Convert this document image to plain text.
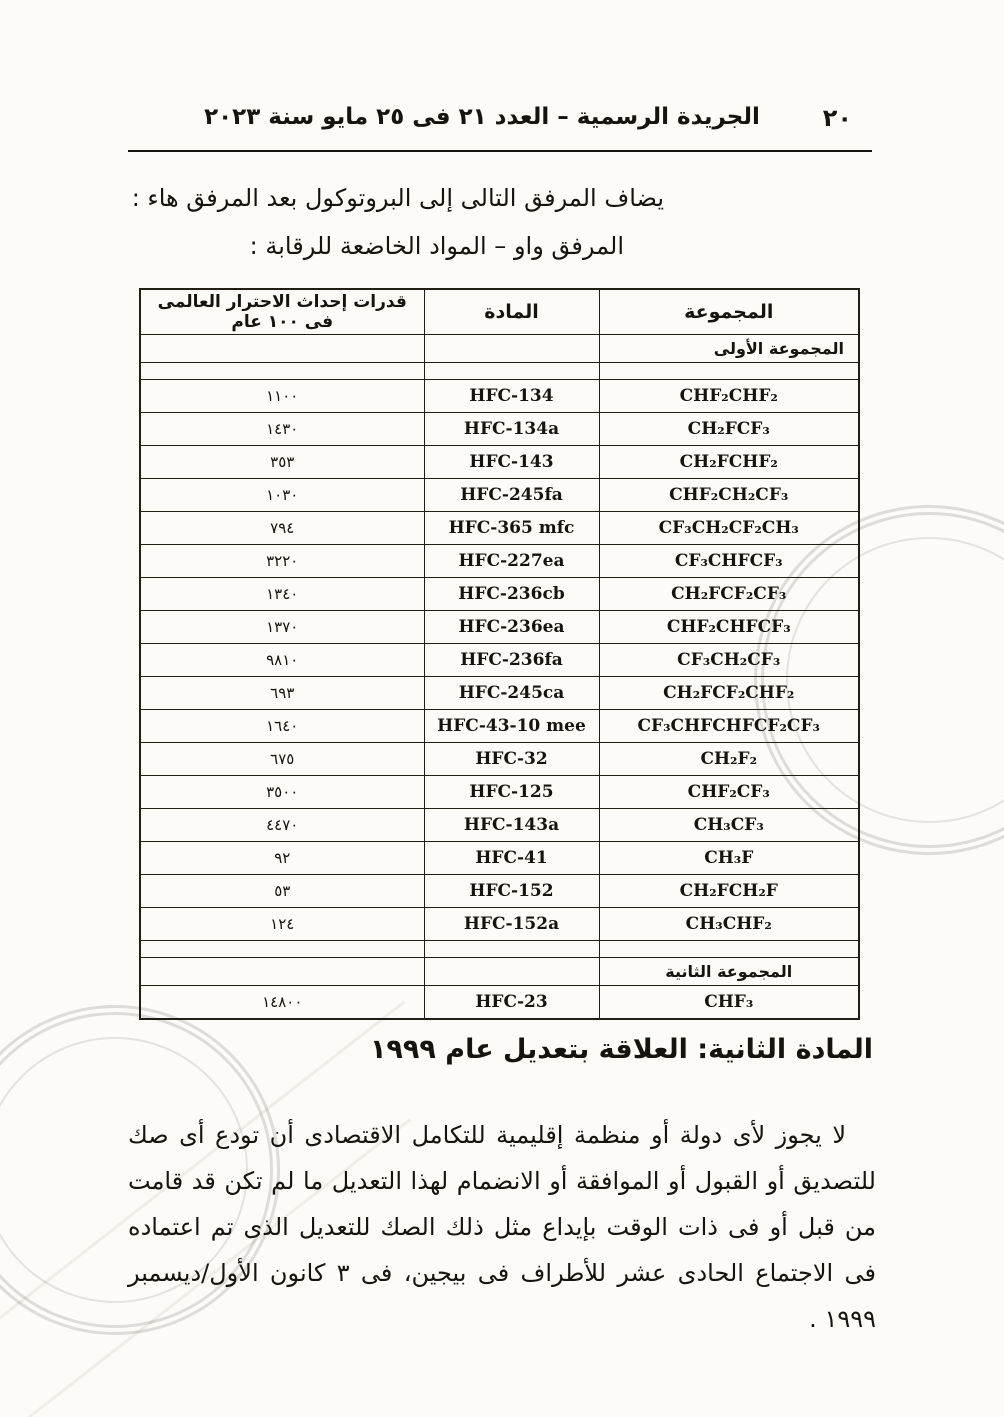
الجريدة الرسمية – العدد ٢١ فى ٢٥ مايو سنة ٢٠٢٣	٢٠
يضاف المرفق التالى إلى البروتوكول بعد المرفق هاء :
المرفق واو – المواد الخاضعة للرقابة :
المجموعة	المادة	قدرات إحداث الاحترار العالمى فى ١٠٠ عام
المجموعة الأولى		

CHF₂CHF₂	HFC-134	١١٠٠
CH₂FCF₃	HFC-134a	١٤٣٠
CH₂FCHF₂	HFC-143	٣٥٣
CHF₂CH₂CF₃	HFC-245fa	١٠٣٠
CF₃CH₂CF₂CH₃	HFC-365 mfc	٧٩٤
CF₃CHFCF₃	HFC-227ea	٣٢٢٠
CH₂FCF₂CF₃	HFC-236cb	١٣٤٠
CHF₂CHFCF₃	HFC-236ea	١٣٧٠
CF₃CH₂CF₃	HFC-236fa	٩٨١٠
CH₂FCF₂CHF₂	HFC-245ca	٦٩٣
CF₃CHFCHFCF₂CF₃	HFC-43-10 mee	١٦٤٠
CH₂F₂	HFC-32	٦٧٥
CHF₂CF₃	HFC-125	٣٥٠٠
CH₃CF₃	HFC-143a	٤٤٧٠
CH₃F	HFC-41	٩٢
CH₂FCH₂F	HFC-152	٥٣
CH₃CHF₂	HFC-152a	١٢٤

المجموعة الثانية		
CHF₃	HFC-23	١٤٨٠٠
المادة الثانية: العلاقة بتعديل عام ١٩٩٩

لا يجوز لأى دولة أو منظمة إقليمية للتكامل الاقتصادى أن تودع أى صك للتصديق أو القبول أو الموافقة أو الانضمام لهذا التعديل ما لم تكن قد قامت من قبل أو فى ذات الوقت بإيداع مثل ذلك الصك للتعديل الذى تم اعتماده فى الاجتماع الحادى عشر للأطراف فى بيجين، فى ٣ كانون الأول/ديسمبر ١٩٩٩ .
